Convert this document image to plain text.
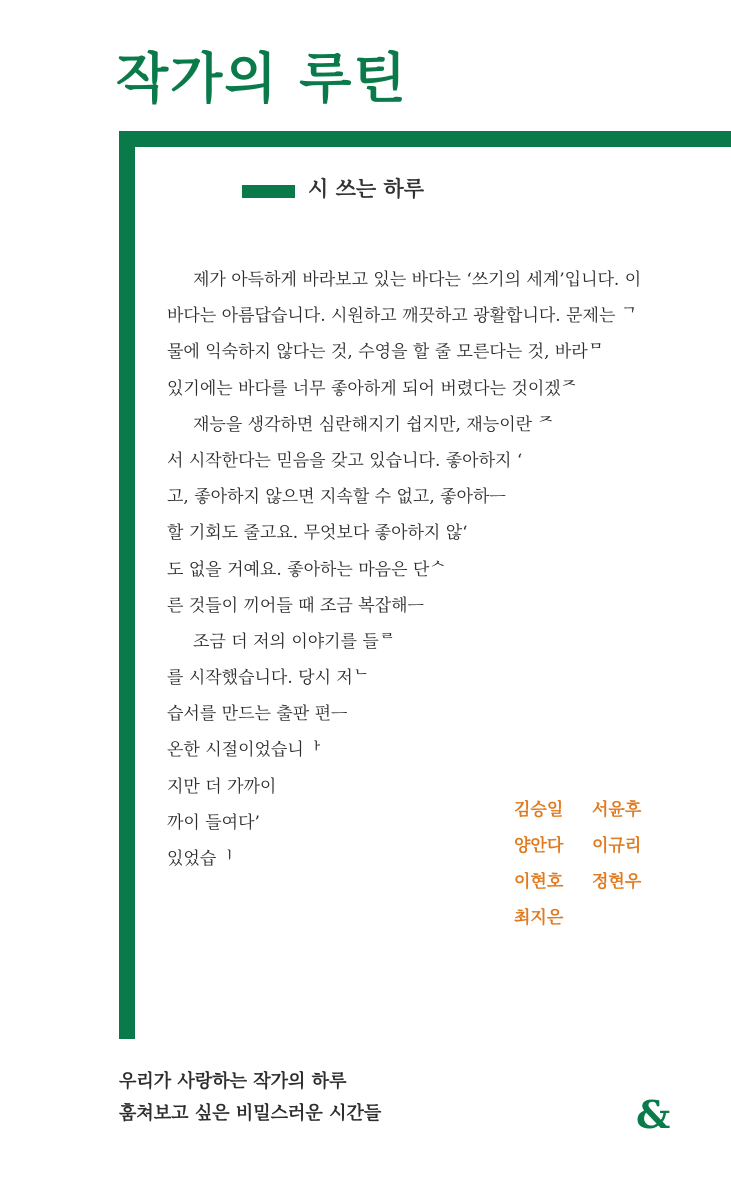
작가의 루틴
시 쓰는 하루
제가 아득하게 바라보고 있는 바다는 ‘쓰기의 세계’입니다. 이
바다는 아름답습니다. 시원하고 깨끗하고 광활합니다. 문제는 ᄀ
물에 익숙하지 않다는 것, 수영을 할 줄 모른다는 것, 바라ᄆ
있기에는 바다를 너무 좋아하게 되어 버렸다는 것이겠ᄌ
재능을 생각하면 심란해지기 쉽지만, 재능이란 ᄌ
서 시작한다는 믿음을 갖고 있습니다. 좋아하지 ‘
고, 좋아하지 않으면 지속할 수 없고, 좋아하ᅳ
할 기회도 줄고요. 무엇보다 좋아하지 않‘
도 없을 거예요. 좋아하는 마음은 단ᄉ
른 것들이 끼어들 때 조금 복잡해ᅳ
조금 더 저의 이야기를 들ᄅ
를 시작했습니다. 당시 저ᄂ
습서를 만드는 출판 편ᅳ
온한 시절이었습니ᅡ
지만 더 가까이
까이 들여다’
있었습ᅵ
김승일	서윤후
양안다	이규리
이현호	정현우
최지은
우리가 사랑하는 작가의 하루
훔쳐보고 싶은 비밀스러운 시간들	&
